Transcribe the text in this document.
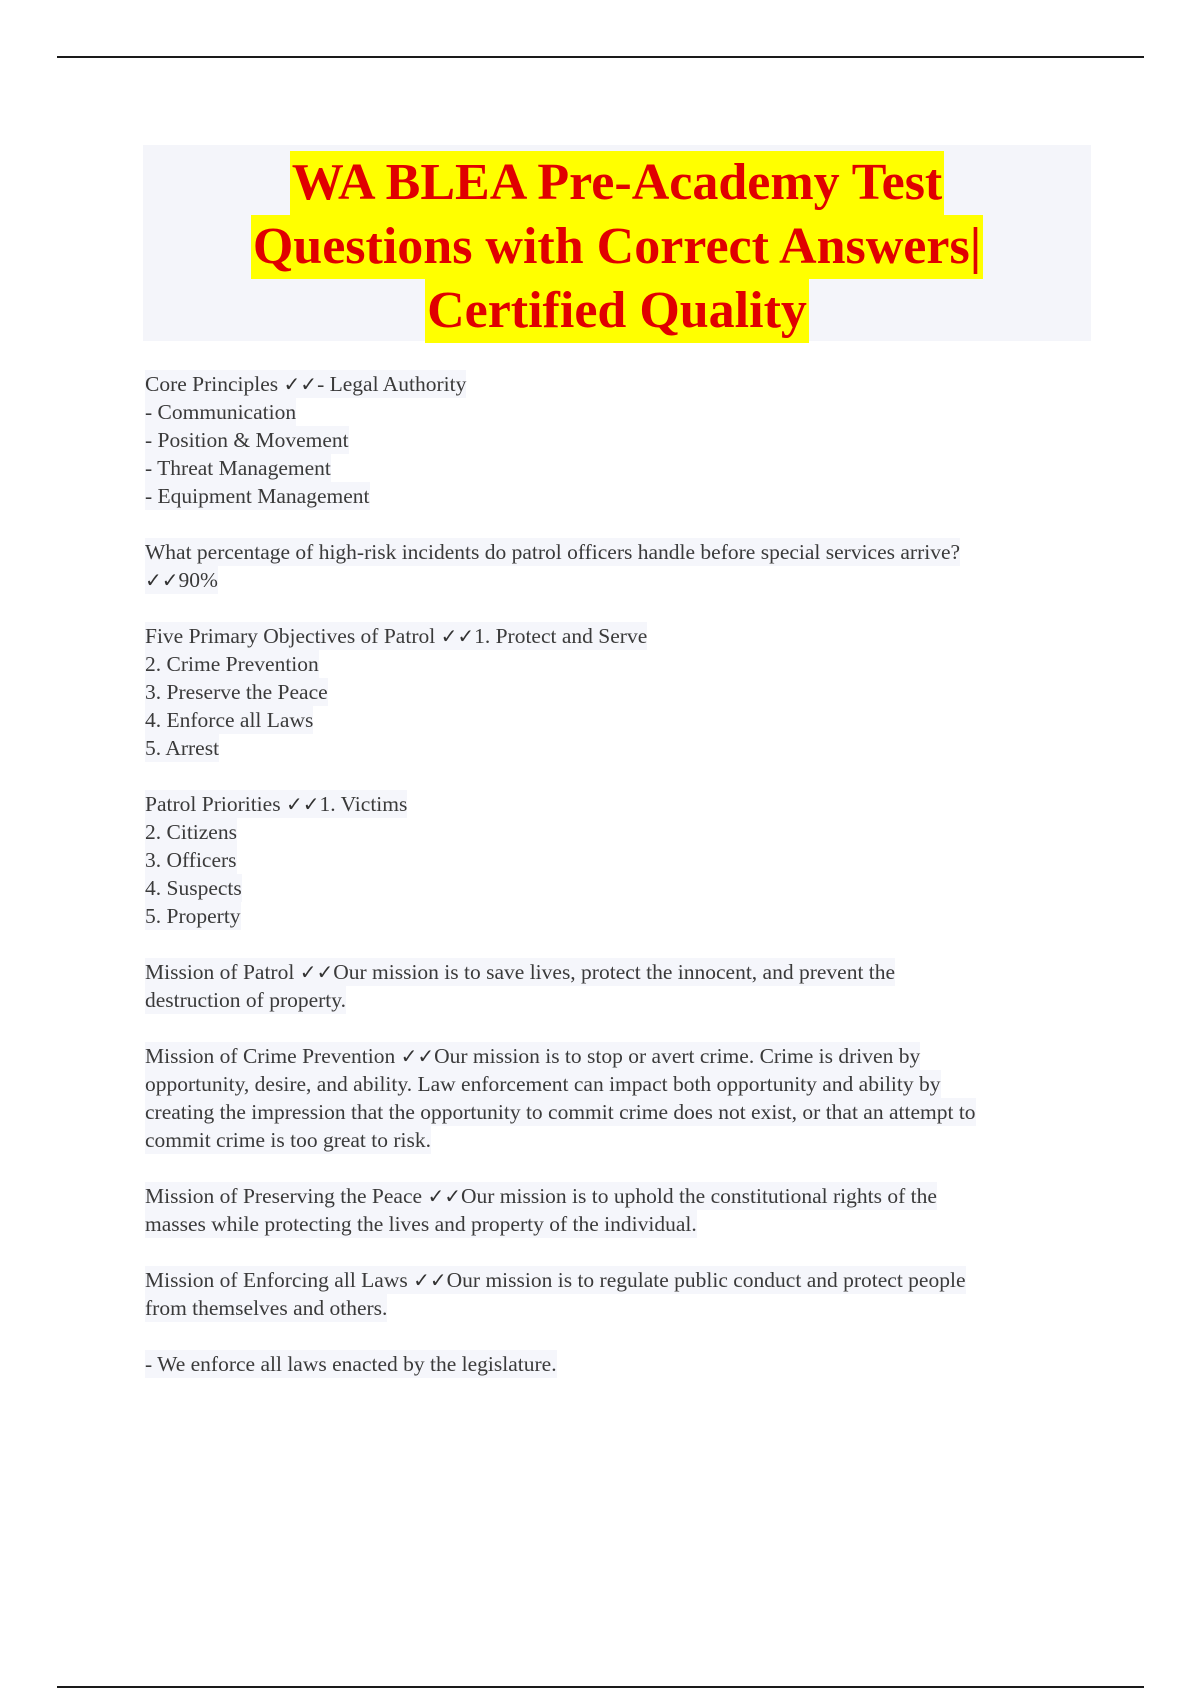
WA BLEA Pre-Academy Test
Questions with Correct Answers|
Certified Quality
Core Principles ✓✓- Legal Authority
- Communication
- Position & Movement
- Threat Management
- Equipment Management
What percentage of high-risk incidents do patrol officers handle before special services arrive?
✓✓90%
Five Primary Objectives of Patrol ✓✓1. Protect and Serve
2. Crime Prevention
3. Preserve the Peace
4. Enforce all Laws
5. Arrest
Patrol Priorities ✓✓1. Victims
2. Citizens
3. Officers
4. Suspects
5. Property
Mission of Patrol ✓✓Our mission is to save lives, protect the innocent, and prevent the
destruction of property.
Mission of Crime Prevention ✓✓Our mission is to stop or avert crime. Crime is driven by
opportunity, desire, and ability. Law enforcement can impact both opportunity and ability by
creating the impression that the opportunity to commit crime does not exist, or that an attempt to
commit crime is too great to risk.
Mission of Preserving the Peace ✓✓Our mission is to uphold the constitutional rights of the
masses while protecting the lives and property of the individual.
Mission of Enforcing all Laws ✓✓Our mission is to regulate public conduct and protect people
from themselves and others.
- We enforce all laws enacted by the legislature.
